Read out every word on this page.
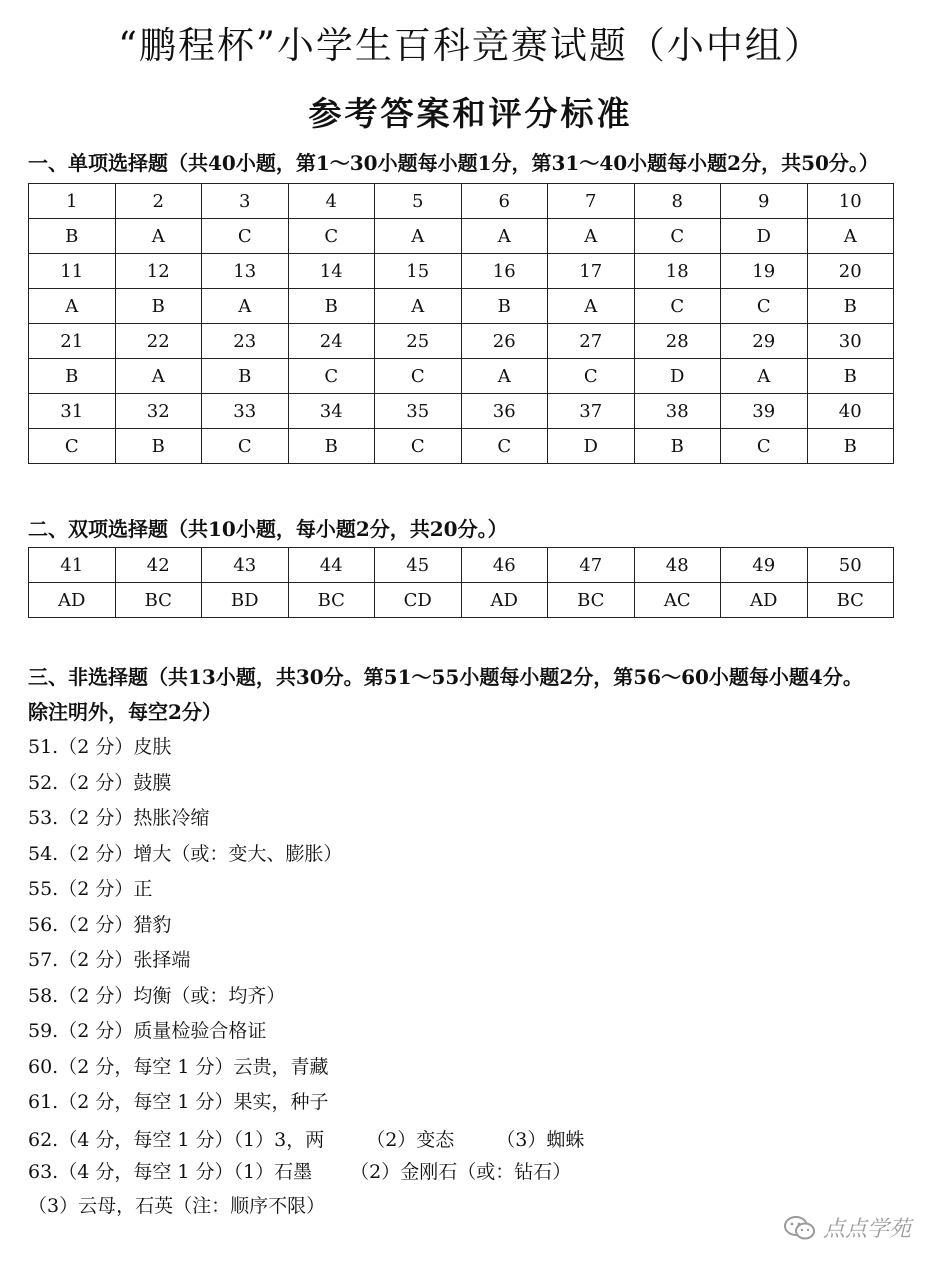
“鹏程杯”小学生百科竞赛试题（小中组）
参考答案和评分标准
一、单项选择题（共40小题，第1～30小题每小题1分，第31～40小题每小题2分，共50分。）
1	2	3	4	5	6	7	8	9	10
B	A	C	C	A	A	A	C	D	A
11	12	13	14	15	16	17	18	19	20
A	B	A	B	A	B	A	C	C	B
21	22	23	24	25	26	27	28	29	30
B	A	B	C	C	A	C	D	A	B
31	32	33	34	35	36	37	38	39	40
C	B	C	B	C	C	D	B	C	B
二、双项选择题（共10小题，每小题2分，共20分。）
41	42	43	44	45	46	47	48	49	50
AD	BC	BD	BC	CD	AD	BC	AC	AD	BC
三、非选择题（共13小题，共30分。第51～55小题每小题2分，第56～60小题每小题4分。
除注明外，每空2分）
51.（2 分）皮肤
52.（2 分）鼓膜
53.（2 分）热胀冷缩
54.（2 分）增大（或：变大、膨胀）
55.（2 分）正
56.（2 分）猎豹
57.（2 分）张择端
58.（2 分）均衡（或：均齐）
59.（2 分）质量检验合格证
60.（2 分，每空 1 分）云贵，青藏
61.（2 分，每空 1 分）果实，种子
62.（4 分，每空 1 分）（1）3，两 （2）变态 （3）蜘蛛
63.（4 分，每空 1 分）（1）石墨 （2）金刚石（或：钻石）（3）云母，石英（注：顺序不限）
点点学苑
